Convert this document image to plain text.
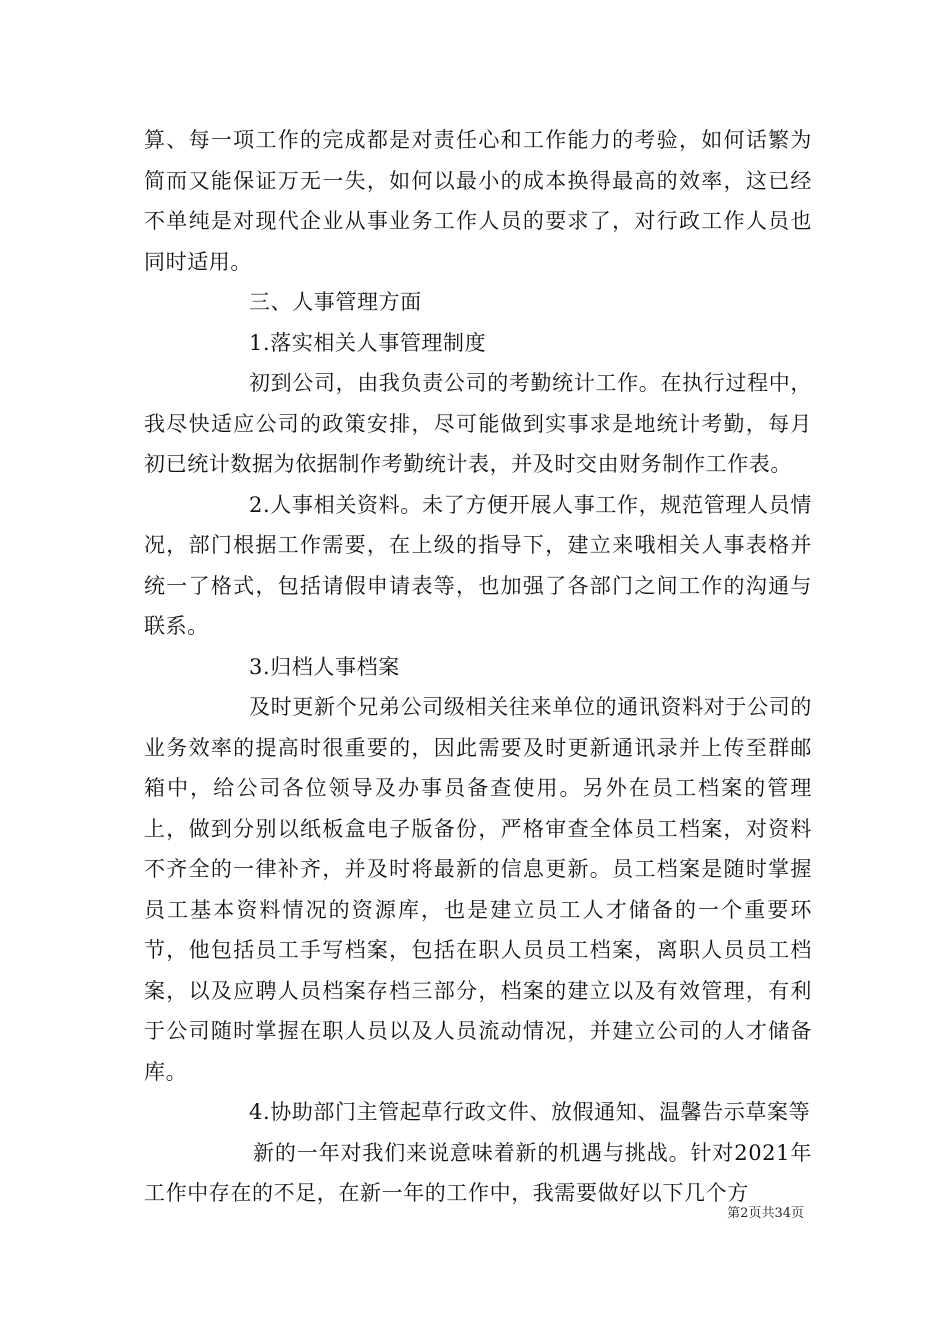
算、每一项工作的完成都是对责任心和工作能力的考验，如何话繁为简而又能保证万无一失，如何以最小的成本换得最高的效率，这已经不单纯是对现代企业从事业务工作人员的要求了，对行政工作人员也同时适用。

三、人事管理方面

1.落实相关人事管理制度

初到公司，由我负责公司的考勤统计工作。在执行过程中，我尽快适应公司的政策安排，尽可能做到实事求是地统计考勤，每月初已统计数据为依据制作考勤统计表，并及时交由财务制作工作表。

2.人事相关资料。未了方便开展人事工作，规范管理人员情况，部门根据工作需要，在上级的指导下，建立来哦相关人事表格并统一了格式，包括请假申请表等，也加强了各部门之间工作的沟通与联系。

3.归档人事档案

及时更新个兄弟公司级相关往来单位的通讯资料对于公司的业务效率的提高时很重要的，因此需要及时更新通讯录并上传至群邮箱中，给公司各位领导及办事员备查使用。另外在员工档案的管理上，做到分别以纸板盒电子版备份，严格审查全体员工档案，对资料不齐全的一律补齐，并及时将最新的信息更新。员工档案是随时掌握员工基本资料情况的资源库，也是建立员工人才储备的一个重要环节，他包括员工手写档案，包括在职人员员工档案，离职人员员工档案，以及应聘人员档案存档三部分，档案的建立以及有效管理，有利于公司随时掌握在职人员以及人员流动情况，并建立公司的人才储备库。

4.协助部门主管起草行政文件、放假通知、温馨告示草案等

新的一年对我们来说意味着新的机遇与挑战。针对2021年工作中存在的不足，在新一年的工作中，我需要做好以下几个方

第2页共34页
